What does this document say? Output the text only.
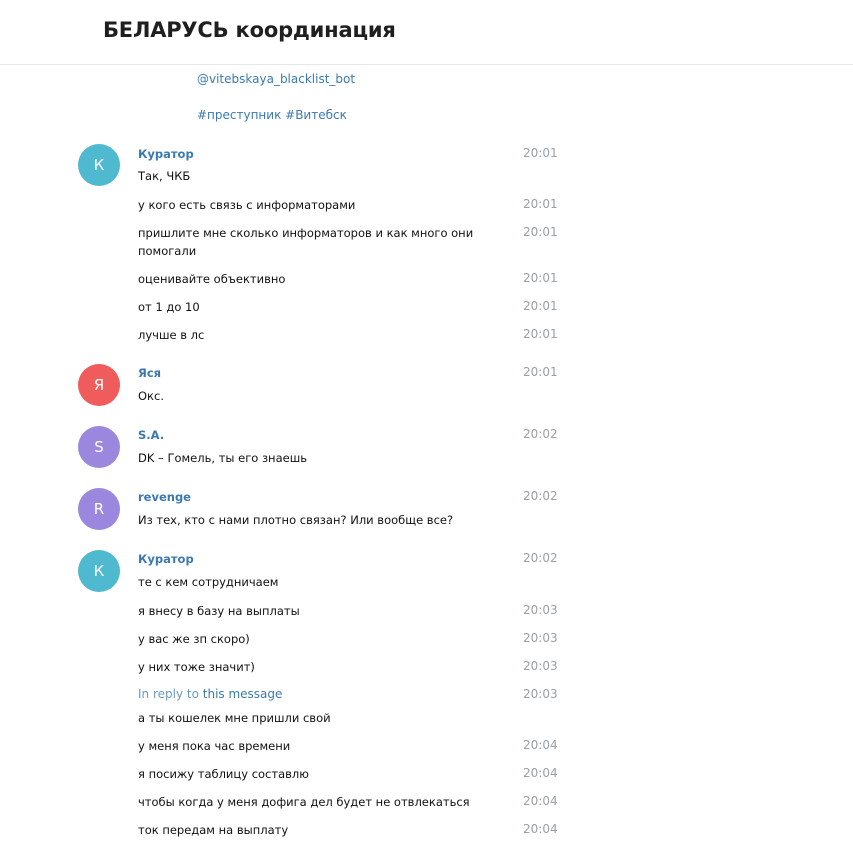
БЕЛАРУСЬ координация
@vitebskaya_blacklist_bot
#преступник #Витебск
К
Куратор	20:01
Так, ЧКБ
у кого есть связь с информаторами	20:01
пришлите мне сколько информаторов и как много они помогали
20:01
оценивайте объективно	20:01
от 1 до 10	20:01
лучше в лс	20:01
Я
Яся	20:01
Окс.
S
S.A.	20:02
DK – Гомель, ты его знаешь
R
revenge	20:02
Из тех, кто с нами плотно связан? Или вообще все?
К
Куратор	20:02
те с кем сотрудничаем
я внесу в базу на выплаты	20:03
у вас же зп скоро)	20:03
у них тоже значит)	20:03
In reply to this message	20:03
а ты кошелек мне пришли свой
у меня пока час времени	20:04
я посижу таблицу составлю	20:04
чтобы когда у меня дофига дел будет не отвлекаться	20:04
ток передам на выплату	20:04
